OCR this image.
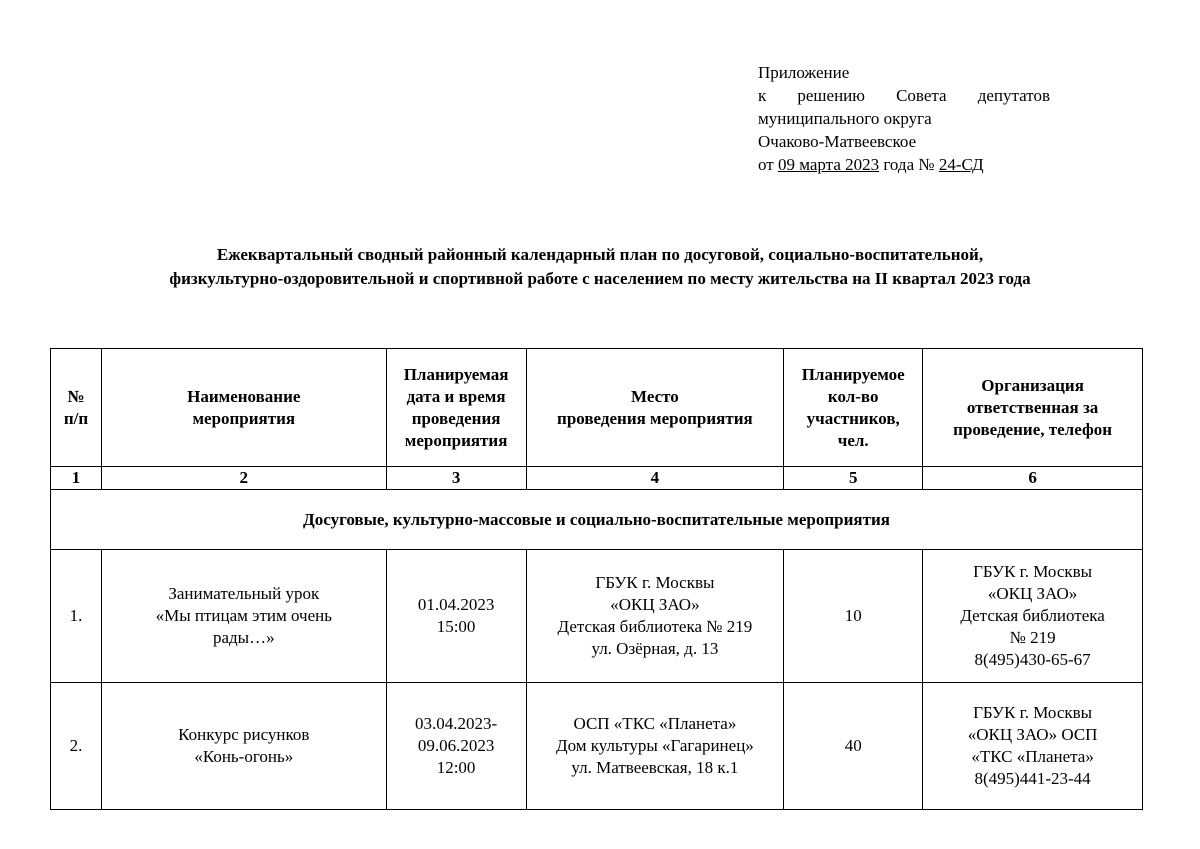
Приложение
к решению Совета депутатов
муниципального округа
Очаково-Матвеевское
от 09 марта 2023 года № 24-СД
Ежеквартальный сводный районный календарный план по досуговой, социально-воспитательной,
физкультурно-оздоровительной и спортивной работе с населением по месту жительства на II квартал 2023 года
№
п/п	Наименование
мероприятия	Планируемая
дата и время
проведения
мероприятия	Место
проведения мероприятия	Планируемое
кол-во
участников,
чел.	Организация
ответственная за
проведение, телефон

1	2	3	4	5	6
Досуговые, культурно-массовые и социально-воспитательные мероприятия					
1.	Занимательный урок
«Мы птицам этим очень
рады…»	01.04.2023
15:00	ГБУК г. Москвы
«ОКЦ ЗАО»
Детская библиотека № 219
ул. Озёрная, д. 13	10	ГБУК г. Москвы
«ОКЦ ЗАО»
Детская библиотека
№ 219
8(495)430-65-67

2.	Конкурс рисунков
«Конь-огонь»	03.04.2023-
09.06.2023
12:00	ОСП «ТКС «Планета»
Дом культуры «Гагаринец»
ул. Матвеевская, 18 к.1	40	ГБУК г. Москвы
«ОКЦ ЗАО» ОСП
«ТКС «Планета»
8(495)441-23-44
